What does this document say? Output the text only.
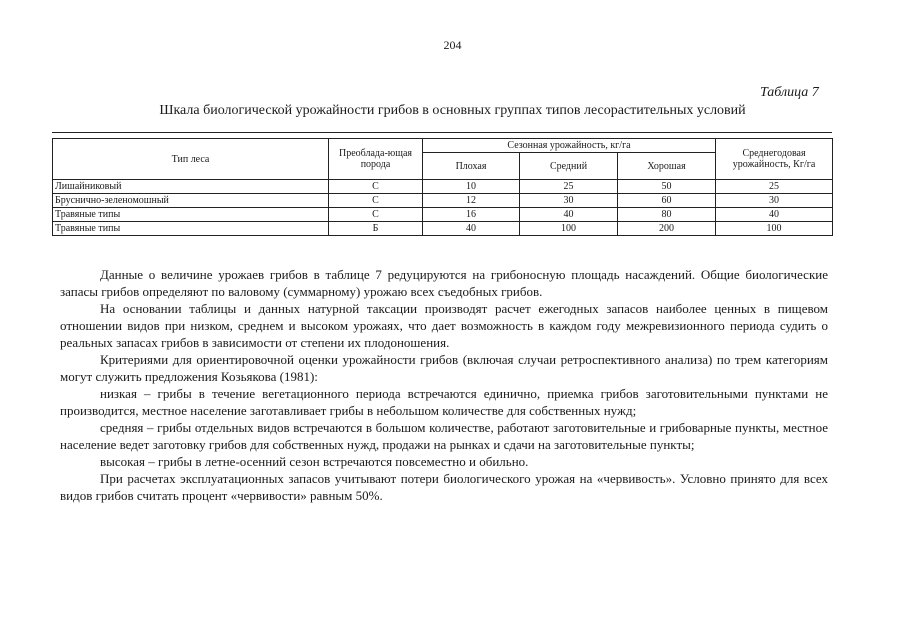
204
Таблица 7
Шкала биологической урожайности грибов в основных группах типов лесорастительных условий
Тип леса	Преоблада-ющая порода	Сезонная урожайность, кг/га			Среднегодовая урожайность, Кг/га
		Плохая	Средний	Хорошая	
Лишайниковый	С	10	25	50	25
Бруснично-зеленомошный	С	12	30	60	30
Травяные типы	С	16	40	80	40
Травяные типы	Б	40	100	200	100

Данные о величине урожаев грибов в таблице 7 редуцируются на грибоносную площадь насаждений. Общие биологические запасы грибов определяют по валовому (суммарному) урожаю всех съедобных грибов.

На основании таблицы и данных натурной таксации производят расчет ежегодных запасов наиболее ценных в пищевом отношении видов при низком, среднем и высоком урожаях, что дает возможность в каждом году межревизионного периода судить о реальных запасах грибов в зависимости от степени их плодоношения.

Критериями для ориентировочной оценки урожайности грибов (включая случаи ретроспективного анализа) по трем категориям могут служить предложения Козьякова (1981):

низкая – грибы в течение вегетационного периода встречаются единично, приемка грибов заготовительными пунктами не производится, местное население заготавливает грибы в небольшом количестве для собственных нужд;

средняя – грибы отдельных видов встречаются в большом количестве, работают заготовительные и грибоварные пункты, местное население ведет заготовку грибов для собственных нужд, продажи на рынках и сдачи на заготовительные пункты;

высокая – грибы в летне-осенний сезон встречаются повсеместно и обильно.

При расчетах эксплуатационных запасов учитывают потери биологического урожая на «червивость». Условно принято для всех видов грибов считать процент «червивости» равным 50%.
